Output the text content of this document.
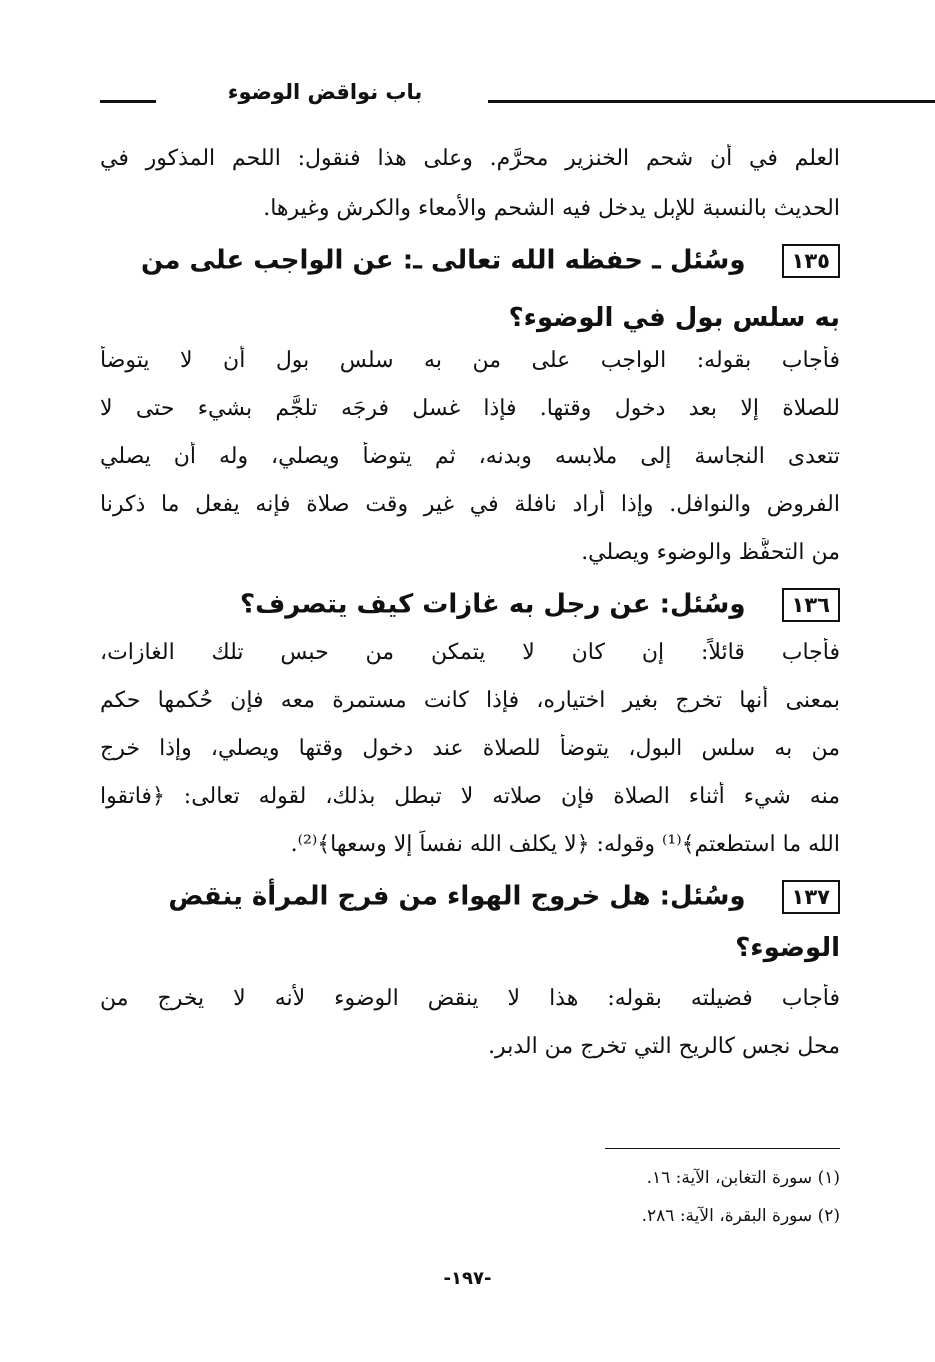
باب نواقض الوضوء
العلم في أن شحم الخنزير محرَّم. وعلى هذا فنقول: اللحم المذكور في
الحديث بالنسبة للإبل يدخل فيه الشحم والأمعاء والكرش وغيرها.
١٣٥وسُئل ـ حفظه الله تعالى ـ: عن الواجب على من
به سلس بول في الوضوء؟
فأجاب بقوله: الواجب على من به سلس بول أن لا يتوضأ
للصلاة إلا بعد دخول وقتها. فإذا غسل فرجَه تلجَّم بشيء حتى لا
تتعدى النجاسة إلى ملابسه وبدنه، ثم يتوضأ ويصلي، وله أن يصلي
الفروض والنوافل. وإذا أراد نافلة في غير وقت صلاة فإنه يفعل ما ذكرنا
من التحفُّظ والوضوء ويصلي.
١٣٦وسُئل: عن رجل به غازات كيف يتصرف؟
فأجاب قائلاً: إن كان لا يتمكن من حبس تلك الغازات،
بمعنى أنها تخرج بغير اختياره، فإذا كانت مستمرة معه فإن حُكمها حكم
من به سلس البول، يتوضأ للصلاة عند دخول وقتها ويصلي، وإذا خرج
منه شيء أثناء الصلاة فإن صلاته لا تبطل بذلك، لقوله تعالى: ﴿فاتقوا
الله ما استطعتم﴾⁽¹⁾ وقوله: ﴿لا يكلف الله نفساً إلا وسعها﴾⁽²⁾.
١٣٧وسُئل: هل خروج الهواء من فرج المرأة ينقض
الوضوء؟
فأجاب فضيلته بقوله: هذا لا ينقض الوضوء لأنه لا يخرج من
محل نجس كالريح التي تخرج من الدبر.
(١) سورة التغابن، الآية: ١٦.
(٢) سورة البقرة، الآية: ٢٨٦.
-١٩٧-
